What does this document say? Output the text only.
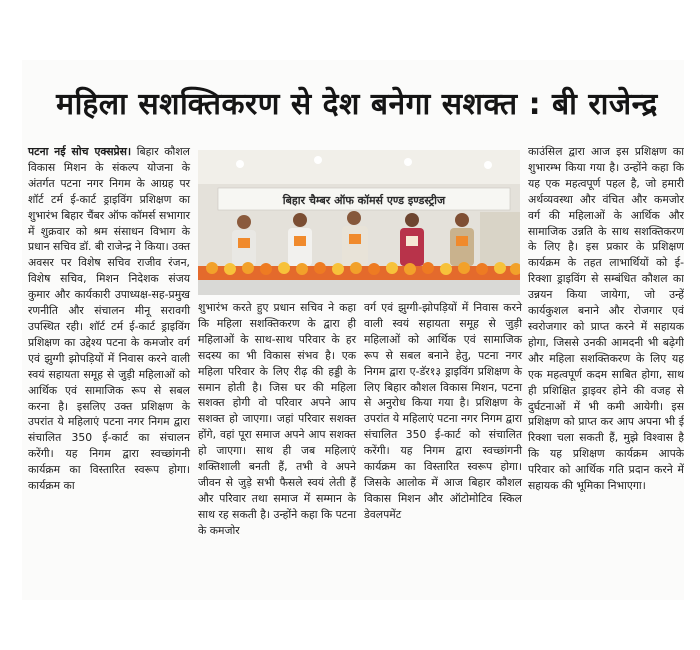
महिला सशक्तिकरण से देश बनेगा सशक्त : बी राजेन्द्र

पटना नई सोच एक्सप्रेस। बिहार कौशल विकास मिशन के संकल्प योजना के अंतर्गत पटना नगर निगम के आग्रह पर शॉर्ट टर्म ई-कार्ट ड्राइविंग प्रशिक्षण का शुभारंभ बिहार चैंबर ऑफ कॉमर्स सभागार में शुक्रवार को श्रम संसाधन विभाग के प्रधान सचिव डॉ. बी राजेन्द्र ने किया। उक्त अवसर पर विशेष सचिव राजीव रंजन, विशेष सचिव, मिशन निदेशक संजय कुमार और कार्यकारी उपाध्यक्ष-सह-प्रमुख रणनीति और संचालन मीनू सरावगी उपस्थित रही। शॉर्ट टर्म ई-कार्ट ड्राइविंग प्रशिक्षण का उद्देश्य पटना के कमजोर वर्ग एवं झुग्गी झोपड़ियों में निवास करने वाली स्वयं सहायता समूह से जुड़ी महिलाओं को आर्थिक एवं सामाजिक रूप से सबल करना है। इसलिए उक्त प्रशिक्षण के उपरांत ये महिलाएं पटना नगर निगम द्वारा संचालित 350 ई-कार्ट का संचालन करेंगी। यह निगम द्वारा स्वच्छांगनी कार्यक्रम का विस्तारित स्वरूप होगा। कार्यक्रम का

बिहार चैम्बर ऑफ कॉमर्स एण्ड इण्डस्ट्रीज

शुभारंभ करते हुए प्रधान सचिव ने कहा कि महिला सशक्तिकरण के द्वारा ही महिलाओं के साथ-साथ परिवार के हर सदस्य का भी विकास संभव है। एक महिला परिवार के लिए रीढ़ की हड्डी के समान होती है। जिस घर की महिला सशक्त होगी वो परिवार अपने आप सशक्त हो जाएगा। जहां परिवार सशक्त होंगे, वहां पूरा समाज अपने आप सशक्त हो जाएगा। साथ ही जब महिलाएं शक्तिशाली बनती हैं, तभी वे अपने जीवन से जुड़े सभी फैसले स्वयं लेती हैं और परिवार तथा समाज में सम्मान के साथ रह सकती है। उन्होंने कहा कि पटना के कमजोर

वर्ग एवं झुग्गी-झोपड़ियों में निवास करने वाली स्वयं सहायता समूह से जुड़ी महिलाओं को आर्थिक एवं सामाजिक रूप से सबल बनाने हेतु, पटना नगर निगम द्वारा ए-डॅर१३ ड्राइविंग प्रशिक्षण के लिए बिहार कौशल विकास मिशन, पटना से अनुरोध किया गया है। प्रशिक्षण के उपरांत ये महिलाएं पटना नगर निगम द्वारा संचालित 350 ई-कार्ट को संचालित करेंगी। यह निगम द्वारा स्वच्छांगनी कार्यक्रम का विस्तारित स्वरूप होगा। जिसके आलोक में आज बिहार कौशल विकास मिशन और ऑटोमोटिव स्किल डेवलपमेंट

काउंसिल द्वारा आज इस प्रशिक्षण का शुभारम्भ किया गया है। उन्होंने कहा कि यह एक महत्वपूर्ण पहल है, जो हमारी अर्थव्यवस्था और वंचित और कमजोर वर्ग की महिलाओं के आर्थिक और सामाजिक उन्नति के साथ सशक्तिकरण के लिए है। इस प्रकार के प्रशिक्षण कार्यक्रम के तहत लाभार्थियों को ई- रिक्शा ड्राइविंग से सम्बंधित कौशल का उन्नयन किया जायेगा, जो उन्हें कार्यकुशल बनाने और रोजगार एवं स्वरोजगार को प्राप्त करने में सहायक होगा, जिससे उनकी आमदनी भी बढ़ेगी और महिला सशक्तिकरण के लिए यह एक महत्वपूर्ण कदम साबित होगा, साथ ही प्रशिक्षित ड्राइवर होने की वजह से दुर्घटनाओं में भी कमी आयेगी। इस प्रशिक्षण को प्राप्त कर आप अपना भी ई रिक्शा चला सकती हैं, मुझे विश्वास है कि यह प्रशिक्षण कार्यक्रम आपके परिवार को आर्थिक गति प्रदान करने में सहायक की भूमिका निभाएगा।
